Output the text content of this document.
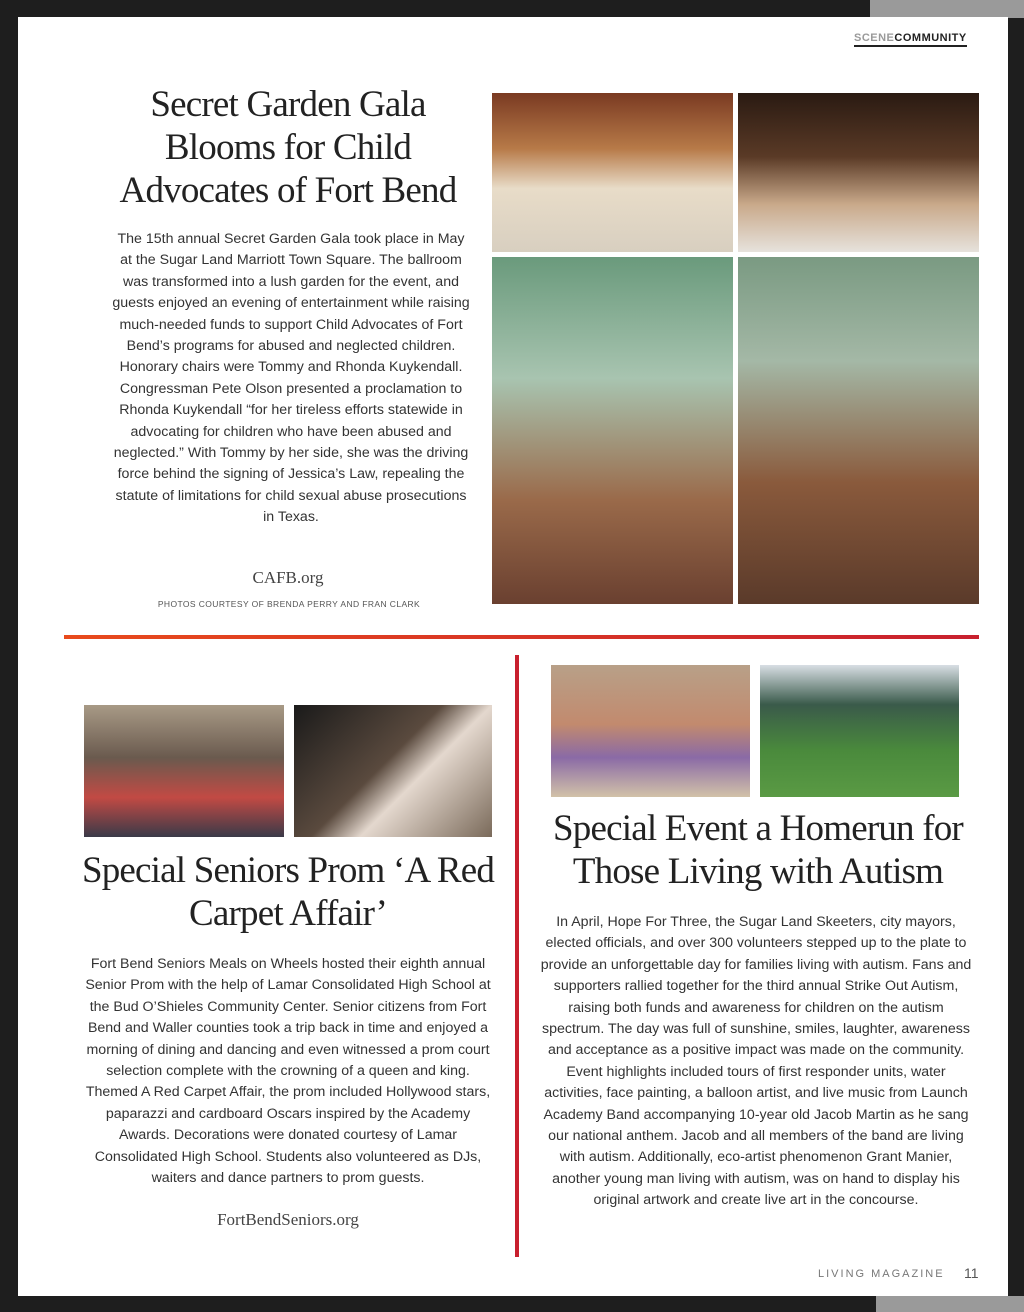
SCENECOMMUNITY
Secret Garden Gala Blooms for Child Advocates of Fort Bend

The 15th annual Secret Garden Gala took place in May at the Sugar Land Marriott Town Square. The ballroom was transformed into a lush garden for the event, and guests enjoyed an evening of entertainment while raising much-needed funds to support Child Advocates of Fort Bend’s programs for abused and neglected children. Honorary chairs were Tommy and Rhonda Kuykendall. Congressman Pete Olson presented a proclamation to Rhonda Kuykendall “for her tireless efforts statewide in advocating for children who have been abused and neglected.” With Tommy by her side, she was the driving force behind the signing of Jessica’s Law, repealing the statute of limitations for child sexual abuse prosecutions in Texas.

CAFB.org
PHOTOS COURTESY OF BRENDA PERRY AND FRAN CLARK
Special Seniors Prom ‘A Red Carpet Affair’

Fort Bend Seniors Meals on Wheels hosted their eighth annual Senior Prom with the help of Lamar Consolidated High School at the Bud O’Shieles Community Center. Senior citizens from Fort Bend and Waller counties took a trip back in time and enjoyed a morning of dining and dancing and even witnessed a prom court selection complete with the crowning of a queen and king. Themed A Red Carpet Affair, the prom included Hollywood stars, paparazzi and cardboard Oscars inspired by the Academy Awards. Decorations were donated courtesy of Lamar Consolidated High School. Students also volunteered as DJs, waiters and dance partners to prom guests.

FortBendSeniors.org
Special Event a Homerun for Those Living with Autism

In April, Hope For Three, the Sugar Land Skeeters, city mayors, elected officials, and over 300 volunteers stepped up to the plate to provide an unforgettable day for families living with autism. Fans and supporters rallied together for the third annual Strike Out Autism, raising both funds and awareness for children on the autism spectrum. The day was full of sunshine, smiles, laughter, awareness and acceptance as a positive impact was made on the community. Event highlights included tours of first responder units, water activities, face painting, a balloon artist, and live music from Launch Academy Band accompanying 10-year old Jacob Martin as he sang our national anthem. Jacob and all members of the band are living with autism. Additionally, eco-artist phenomenon Grant Manier, another young man living with autism, was on hand to display his original artwork and create live art in the concourse.

LIVING MAGAZINE 11
